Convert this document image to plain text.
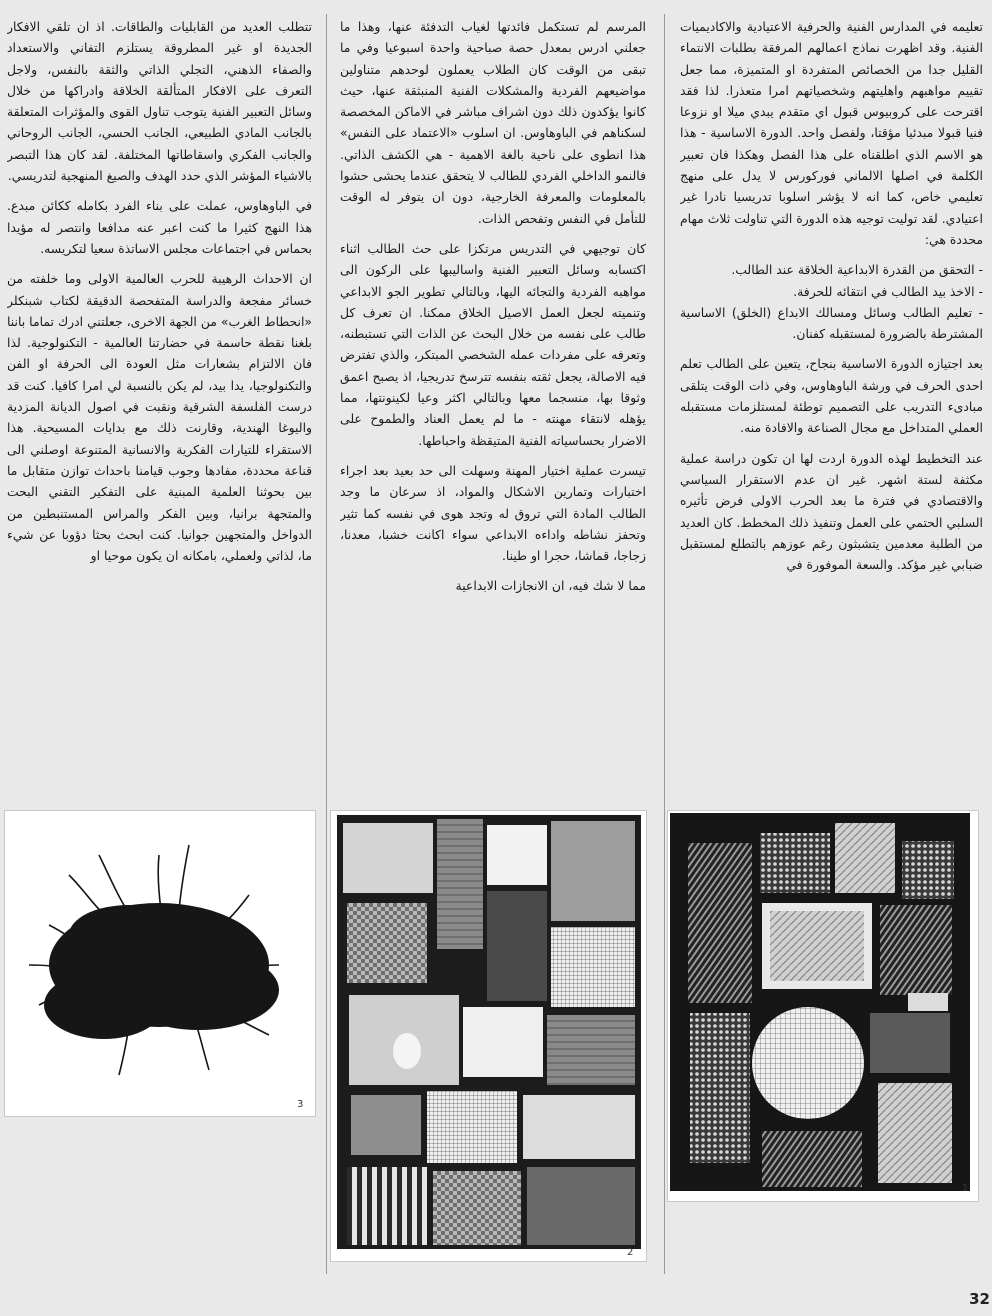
تعليمه في المدارس الفنية والحرفية الاعتيادية والاكاديميات الفنية. وقد اظهرت نماذج اعمالهم المرفقة بطلبات الانتماء القليل جدا من الخصائص المتفردة او المتميزة، مما جعل تقييم مواهبهم واهليتهم وشخصياتهم امرا متعذرا. لذا فقد اقترحت على كروبيوس قبول اي متقدم يبدي ميلا او نزوعا فنيا قبولا مبدئيا مؤقتا، ولفصل واحد. الدورة الاساسية - هذا هو الاسم الذي اطلقناه على هذا الفصل وهكذا فان تعبير الكلمة في اصلها الالماني فوركورس لا يدل على منهج تعليمي خاص، كما انه لا يؤشر اسلوبا تدريسيا نادرا غير اعتيادي. لقد توليت توجيه هذه الدورة التي تناولت ثلاث مهام محددة هي:

- التحقق من القدرة الابداعية الخلاقة عند الطالب.

- الاخذ بيد الطالب في انتقائه للحرفة.

- تعليم الطالب وسائل ومسالك الابداع (الخلق) الاساسية المشترطة بالضرورة لمستقبله كفنان.

بعد اجتيازه الدورة الاساسية بنجاح، يتعين على الطالب تعلم احدى الحرف في ورشة الباوهاوس، وفي ذات الوقت يتلقى مبادىء التدريب على التصميم توطئة لمستلزمات مستقبله العملي المتداخل مع مجال الصناعة والافادة منه.

عند التخطيط لهذه الدورة اردت لها ان تكون دراسة عملية مكثفة لستة اشهر. غير ان عدم الاستقرار السياسي والاقتصادي في فترة ما بعد الحرب الاولى فرض تأثيره السلبي الحتمي على العمل وتنفيذ ذلك المخطط. كان العديد من الطلبة معدمين يتشبثون رغم عوزهم بالتطلع لمستقبل ضبابي غير مؤكد. والسعة الموفورة في

المرسم لم تستكمل فائدتها لغياب التدفئة عنها، وهذا ما جعلني ادرس بمعدل حصة صباحية واحدة اسبوعيا وفي ما تبقى من الوقت كان الطلاب يعملون لوحدهم متناولين مواضيعهم الفردية والمشكلات الفنية المنبثقة عنها، حيث كانوا يؤكدون ذلك دون اشراف مباشر في الاماكن المخصصة لسكناهم في الباوهاوس. ان اسلوب «الاعتماد على النفس» هذا انطوى على ناحية بالغة الاهمية - هي الكشف الذاتي. فالنمو الداخلي الفردي للطالب لا يتحقق عندما يحشى حشوا بالمعلومات والمعرفة الخارجية، دون ان يتوفر له الوقت للتأمل في النفس وتفحص الذات.

كان توجيهي في التدريس مرتكزا على حث الطالب اثناء اكتسابه وسائل التعبير الفنية واساليبها على الركون الى مواهبه الفردية والتجائه اليها، وبالتالي تطوير الجو الابداعي وتنميته لجعل العمل الاصيل الخلاق ممكنا. ان تعرف كل طالب على نفسه من خلال البحث عن الذات التي تستبطنه، وتعرفه على مفردات عمله الشخصي المبتكر، والذي تفترض فيه الاصالة، يجعل ثقته بنفسه تترسخ تدريجيا، اذ يصبح اعمق وثوقا بها، منسجما معها وبالتالي اكثر وعيا لكينونتها، مما يؤهله لانتقاء مهنته - ما لم يعمل العناد والطموح على الاضرار بحساسياته الفنية المتيقظة واحباطها.

تيسرت عملية اختيار المهنة وسهلت الى حد بعيد بعد اجراء اختبارات وتمارين الاشكال والمواد، اذ سرعان ما وجد الطالب المادة التي تروق له وتجد هوى في نفسه كما تثير وتحفز نشاطه واداءه الابداعي سواء اكانت خشبا، معدنا، زجاجا، قماشا، حجرا او طينا.

مما لا شك فيه، ان الانجازات الابداعية

تتطلب العديد من القابليات والطاقات. اذ ان تلقي الافكار الجديدة او غير المطروقة يستلزم التفاني والاستعداد والصفاء الذهني، التجلي الذاتي والثقة بالنفس، ولاجل التعرف على الافكار المتألقة الخلاقة وادراكها من خلال وسائل التعبير الفنية يتوجب تناول القوى والمؤثرات المتعلقة بالجانب المادي الطبيعي، الجانب الحسي، الجانب الروحاني والجانب الفكري واسقاطاتها المختلفة. لقد كان هذا التبصر بالاشياء المؤشر الذي حدد الهدف والصيغ المنهجية لتدريسي.

في الباوهاوس، عملت على بناء الفرد بكامله ككائن مبدع. هذا النهج كثيرا ما كنت اعبر عنه مدافعا وانتصر له مؤيدا بحماس في اجتماعات مجلس الاساتذة سعيا لتكريسه.

ان الاحداث الرهيبة للحرب العالمية الاولى وما خلفته من خسائر مفجعة والدراسة المتفحصة الدقيقة لكتاب شبنكلر «انحطاط الغرب» من الجهة الاخرى، جعلتني ادرك تماما باننا بلغنا نقطة حاسمة في حضارتنا العالمية - التكنولوجية. لذا فان الالتزام بشعارات مثل العودة الى الحرفة او الفن والتكنولوجيا، يدا بيد، لم يكن بالنسبة لي امرا كافيا. كنت قد درست الفلسفة الشرقية ونقبت في اصول الديانة المزدية واليوغا الهندية، وقارنت ذلك مع بدايات المسيحية. هذا الاستقراء للتيارات الفكرية والانسانية المتنوعة اوصلني الى قناعة محددة، مفادها وجوب قيامنا باحداث توازن متقابل ما بين بحوثنا العلمية المبنية على التفكير التقني البحت والمتجهة برانيا، وبين الفكر والمراس المستنبطين من الدواخل والمتجهين جوانيا. كنت ابحث بحثا دؤوبا عن شيء ما، لذاتي ولعملي، بامكانه ان يكون موحيا او

1
2
3
32
